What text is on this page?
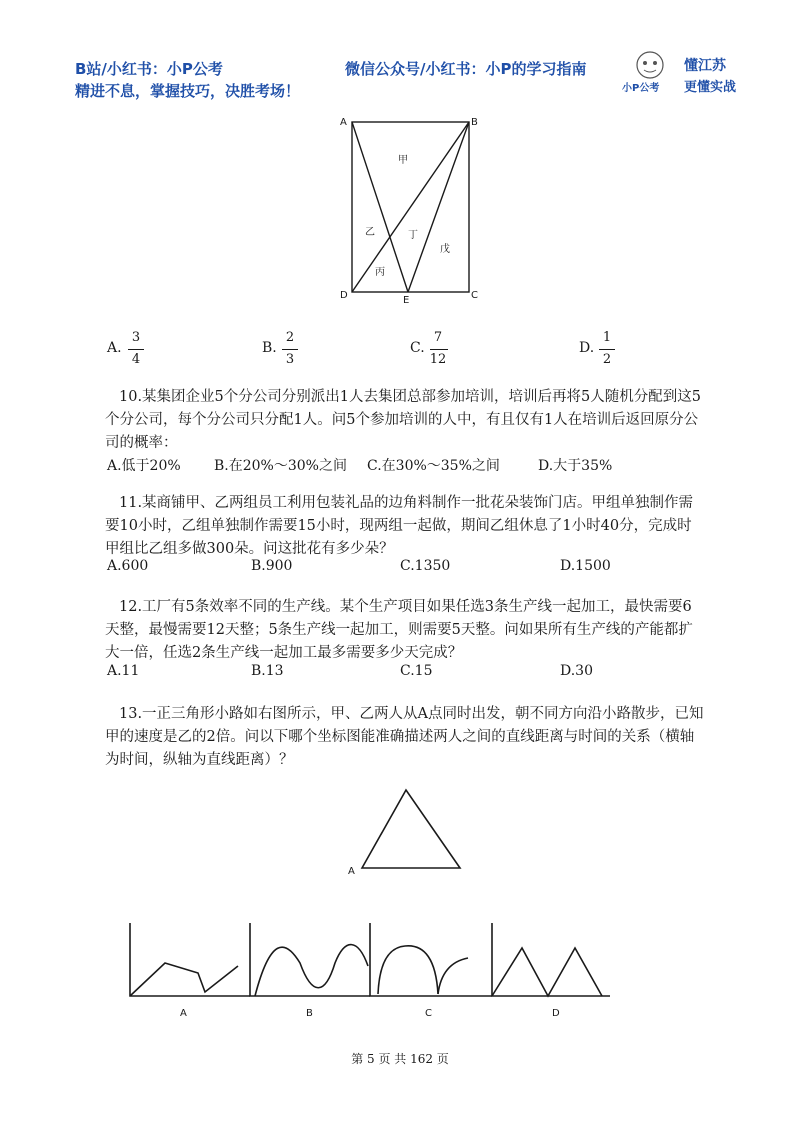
B站/小红书：小P公考
精进不息，掌握技巧，决胜考场！
微信公众号/小红书：小P的学习指南
小P公考
懂江苏
更懂实战
A	B
C
D	E
甲
乙	丁
戊
丙
A.
3
4
B.
2
3
C.
7
12
D.
1
2
10.某集团企业5个分公司分别派出1人去集团总部参加培训，培训后再将5人随机分配到这5个分公司，每个分公司只分配1人。问5个参加培训的人中，有且仅有1人在培训后返回原分公司的概率：
A.低于20% B.在20%～30%之间 C.在30%～35%之间	D.大于35%
11.某商铺甲、乙两组员工利用包装礼品的边角料制作一批花朵装饰门店。甲组单独制作需要10小时，乙组单独制作需要15小时，现两组一起做，期间乙组休息了1小时40分，完成时甲组比乙组多做300朵。问这批花有多少朵？
A.600	B.900	C.1350	D.1500
12.工厂有5条效率不同的生产线。某个生产项目如果任选3条生产线一起加工，最快需要6天整，最慢需要12天整；5条生产线一起加工，则需要5天整。问如果所有生产线的产能都扩大一倍，任选2条生产线一起加工最多需要多少天完成？
A.11	B.13	C.15	D.30
13.一正三角形小路如右图所示，甲、乙两人从A点同时出发，朝不同方向沿小路散步，已知甲的速度是乙的2倍。问以下哪个坐标图能准确描述两人之间的直线距离与时间的关系（横轴为时间，纵轴为直线距离）？
A
A	B	C	D
第 5 页 共 162 页
